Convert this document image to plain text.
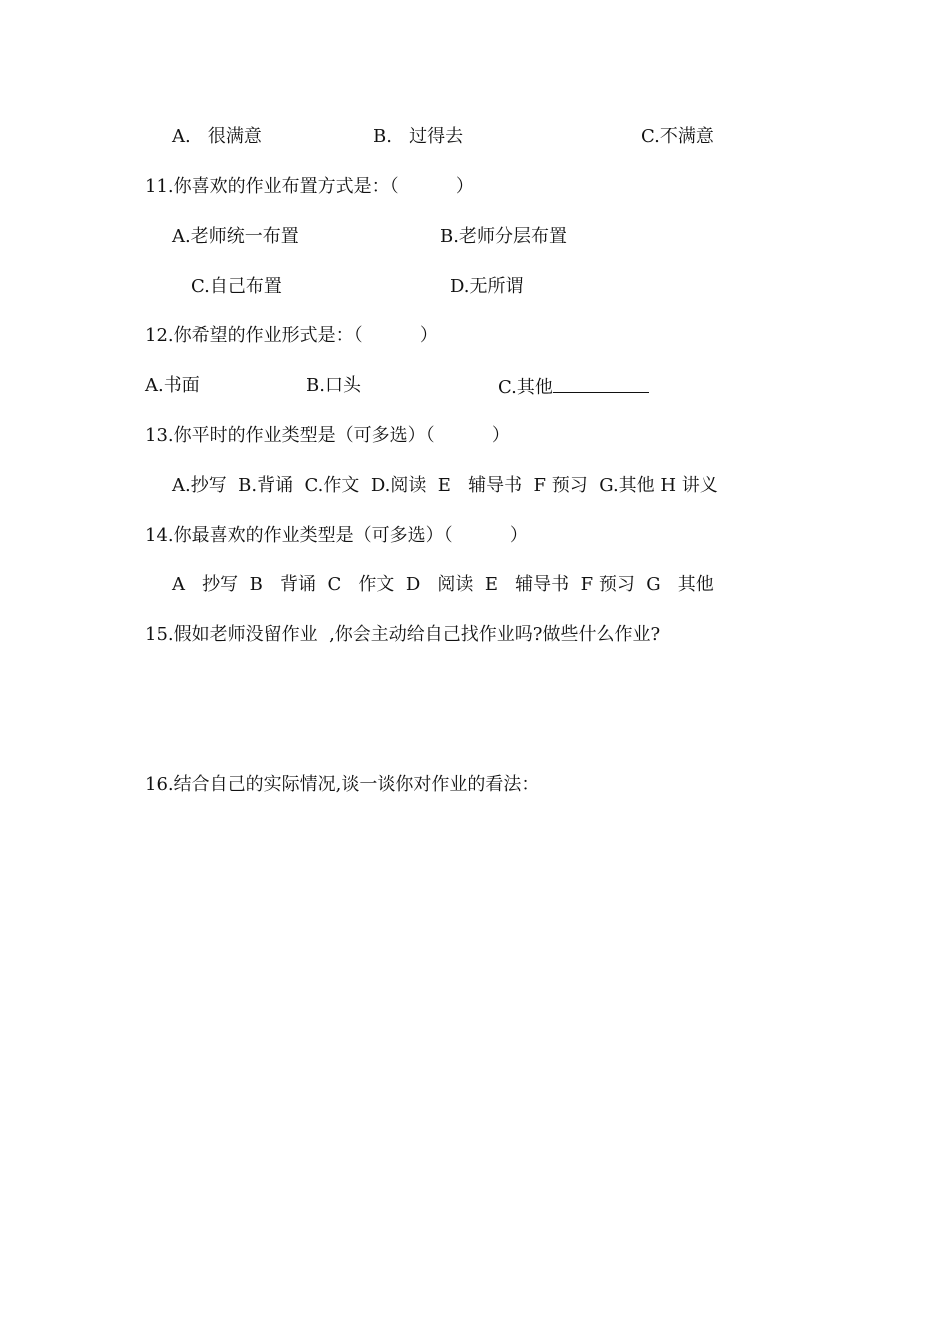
A.   很满意	B.   过得去	C.不满意
11.你喜欢的作业布置方式是：（          ）
A.老师统一布置	B.老师分层布置
C.自己布置	D.无所谓
12.你希望的作业形式是：（          ）
A.书面	B.口头	C.其他
13.你平时的作业类型是（可多选）（          ）
A.抄写  B.背诵  C.作文  D.阅读  E   辅导书  F 预习  G.其他 H 讲义
14.你最喜欢的作业类型是（可多选）（          ）
A   抄写  B   背诵  C   作文  D   阅读  E   辅导书  F 预习  G   其他
15.假如老师没留作业  ,你会主动给自己找作业吗?做些什么作业?
16.结合自己的实际情况,谈一谈你对作业的看法：
